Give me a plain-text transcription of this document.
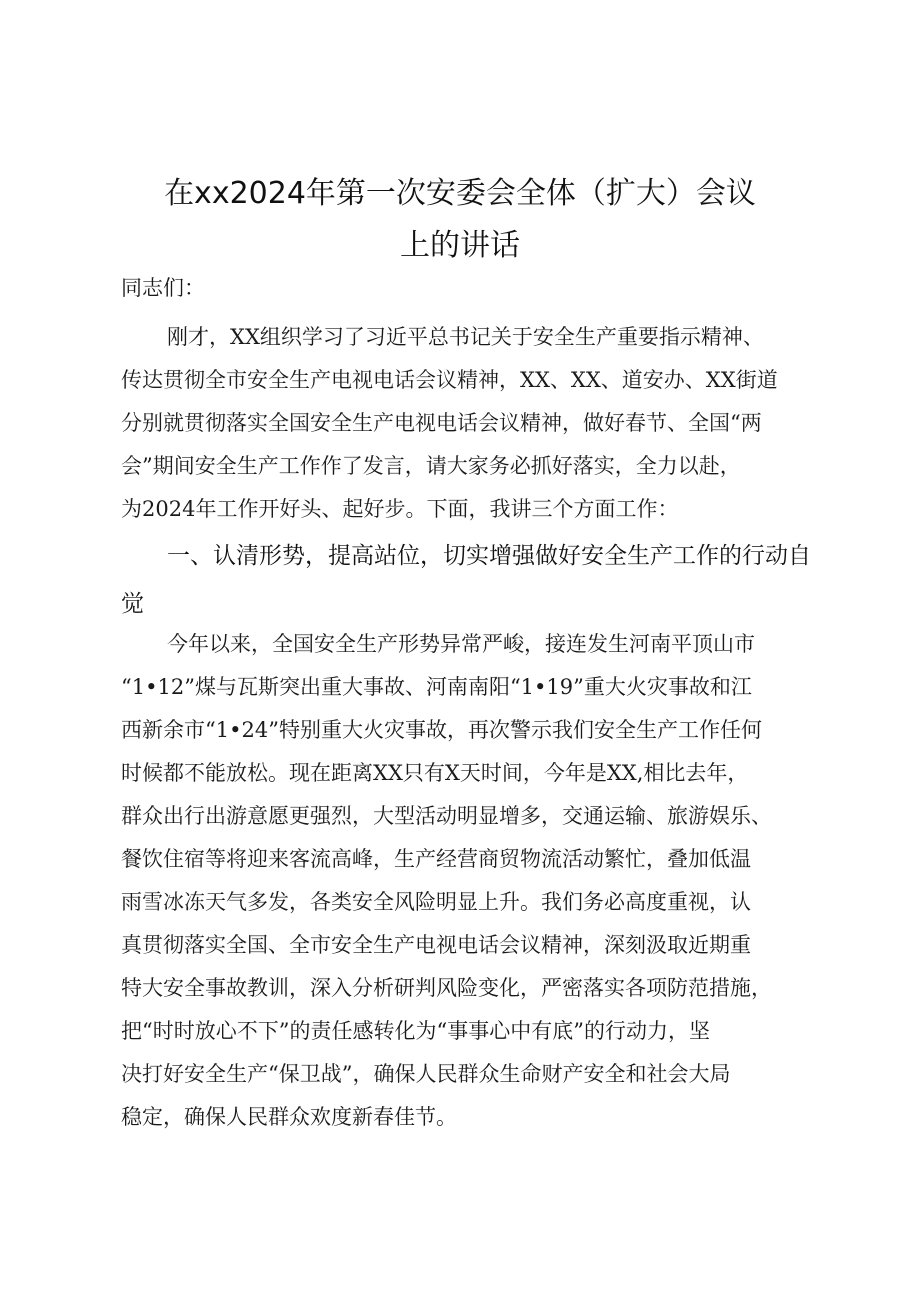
在xx2024年第一次安委会全体（扩大）会议
上的讲话
同志们：
刚才，XX组织学习了习近平总书记关于安全生产重要指示精神、
传达贯彻全市安全生产电视电话会议精神，XX、XX、道安办、XX街道
分别就贯彻落实全国安全生产电视电话会议精神，做好春节、全国“两
会”期间安全生产工作作了发言，请大家务必抓好落实，全力以赴，
为2024年工作开好头、起好步。下面，我讲三个方面工作：
一、认清形势，提高站位，切实增强做好安全生产工作的行动自
觉
今年以来，全国安全生产形势异常严峻，接连发生河南平顶山市
“1•12”煤与瓦斯突出重大事故、河南南阳“1•19”重大火灾事故和江
西新余市“1•24”特别重大火灾事故，再次警示我们安全生产工作任何
时候都不能放松。现在距离XX只有X天时间，今年是XX,相比去年，
群众出行出游意愿更强烈，大型活动明显增多，交通运输、旅游娱乐、
餐饮住宿等将迎来客流高峰，生产经营商贸物流活动繁忙，叠加低温
雨雪冰冻天气多发，各类安全风险明显上升。我们务必高度重视，认
真贯彻落实全国、全市安全生产电视电话会议精神，深刻汲取近期重
特大安全事故教训，深入分析研判风险变化，严密落实各项防范措施，
把“时时放心不下”的责任感转化为“事事心中有底”的行动力，坚
决打好安全生产“保卫战”，确保人民群众生命财产安全和社会大局
稳定，确保人民群众欢度新春佳节。
